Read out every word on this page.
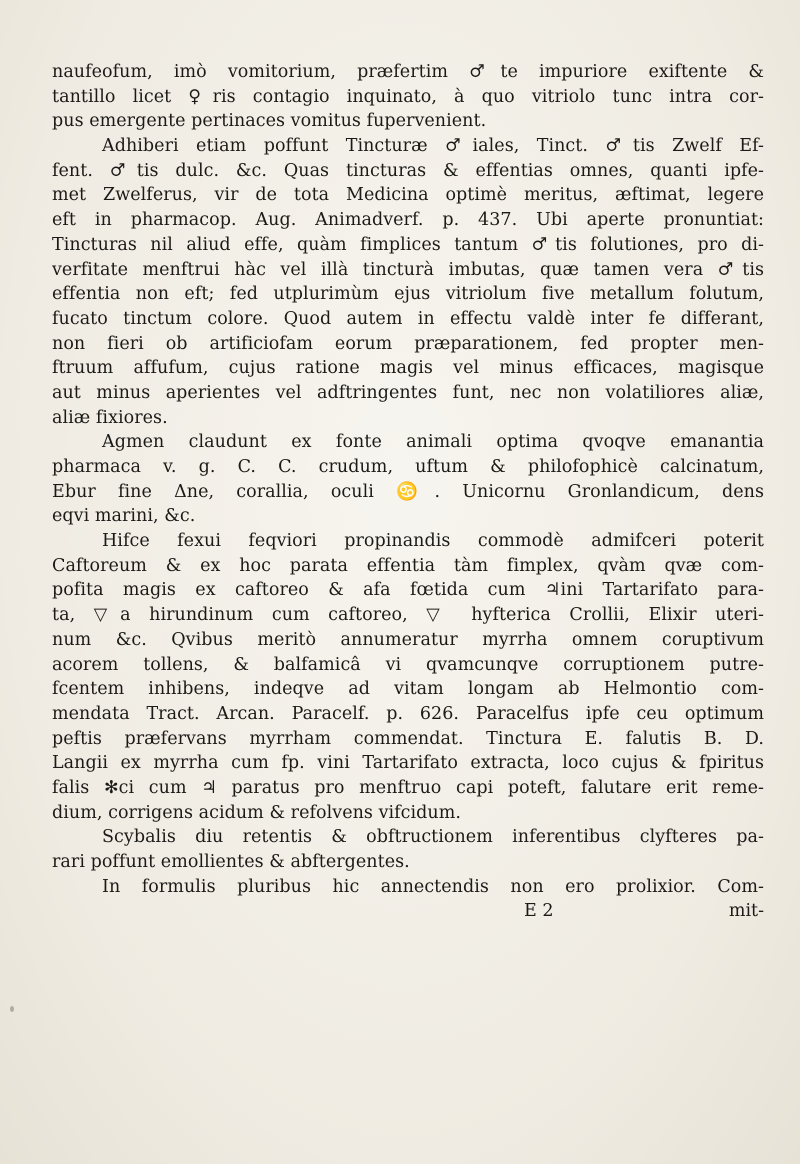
naufeofum, imò vomitorium, præfertim ♂te impuriore exiftente &
tantillo licet ♀ris contagio inquinato, à quo vitriolo tunc intra cor-
pus emergente pertinaces vomitus fupervenient.
Adhiberi etiam poffunt Tincturæ ♂iales, Tinct. ♂tis Zwelf Ef-
fent. ♂tis dulc. &c. Quas tincturas & effentias omnes, quanti ipfe-
met Zwelferus, vir de tota Medicina optimè meritus, æftimat, legere
eft in pharmacop. Aug. Animadverf. p. 437. Ubi aperte pronuntiat:
Tincturas nil aliud effe, quàm fimplices tantum ♂tis folutiones, pro di-
verfitate menftrui hàc vel illà tincturà imbutas, quæ tamen vera ♂tis
effentia non eft; fed utplurimùm ejus vitriolum five metallum folutum,
fucato tinctum colore. Quod autem in effectu valdè inter fe differant,
non fieri ob artificiofam eorum præparationem, fed propter men-
ftruum affufum, cujus ratione magis vel minus efficaces, magisque
aut minus aperientes vel adftringentes funt, nec non volatiliores aliæ,
aliæ fixiores.
Agmen claudunt ex fonte animali optima qvoqve emanantia
pharmaca v. g. C. C. crudum, uftum & philofophicè calcinatum,
Ebur fine Δne, corallia, oculi ♋. Unicornu Gronlandicum, dens
eqvi marini, &c.
Hifce fexui feqviori propinandis commodè admifceri poterit
Caftoreum & ex hoc parata effentia tàm fimplex, qvàm qvæ com-
pofita magis ex caftoreo & afa fœtida cum ♃ini Tartarifato para-
ta, ▽a hirundinum cum caftoreo, ▽ hyfterica Crollii, Elixir uteri-
num &c. Qvibus meritò annumeratur myrrha omnem coruptivum
acorem tollens, & balfamicâ vi qvamcunqve corruptionem putre-
fcentem inhibens, indeqve ad vitam longam ab Helmontio com-
mendata Tract. Arcan. Paracelf. p. 626. Paracelfus ipfe ceu optimum
peftis præfervans myrrham commendat. Tinctura E. falutis B. D.
Langii ex myrrha cum fp. vini Tartarifato extracta, loco cujus & fpiritus
falis ✻ci cum ♃ paratus pro menftruo capi poteft, falutare erit reme-
dium, corrigens acidum & refolvens vifcidum.
Scybalis diu retentis & obftructionem inferentibus clyfteres pa-
rari poffunt emollientes & abftergentes.
In formulis pluribus hic annectendis non ero prolixior. Com-
E 2	mit-
